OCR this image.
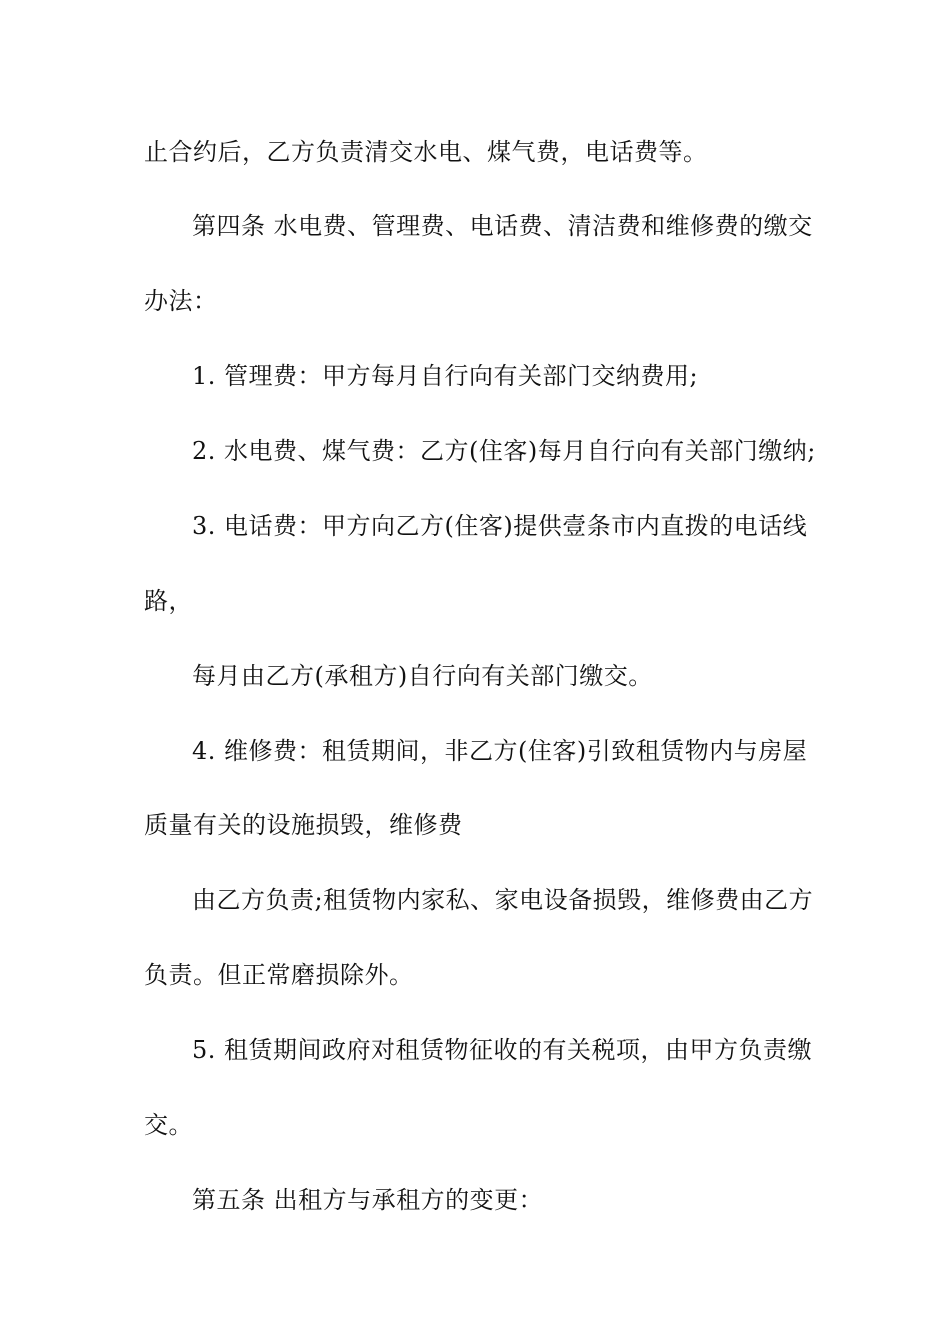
止合约后，乙方负责清交水电、煤气费，电话费等。
第四条 水电费、管理费、电话费、清洁费和维修费的缴交
办法：
1. 管理费：甲方每月自行向有关部门交纳费用;
2. 水电费、煤气费：乙方(住客)每月自行向有关部门缴纳;
3. 电话费：甲方向乙方(住客)提供壹条市内直拨的电话线
路，
每月由乙方(承租方)自行向有关部门缴交。
4. 维修费：租赁期间，非乙方(住客)引致租赁物内与房屋
质量有关的设施损毁，维修费
由乙方负责;租赁物内家私、家电设备损毁，维修费由乙方
负责。但正常磨损除外。
5. 租赁期间政府对租赁物征收的有关税项，由甲方负责缴
交。
第五条 出租方与承租方的变更：
